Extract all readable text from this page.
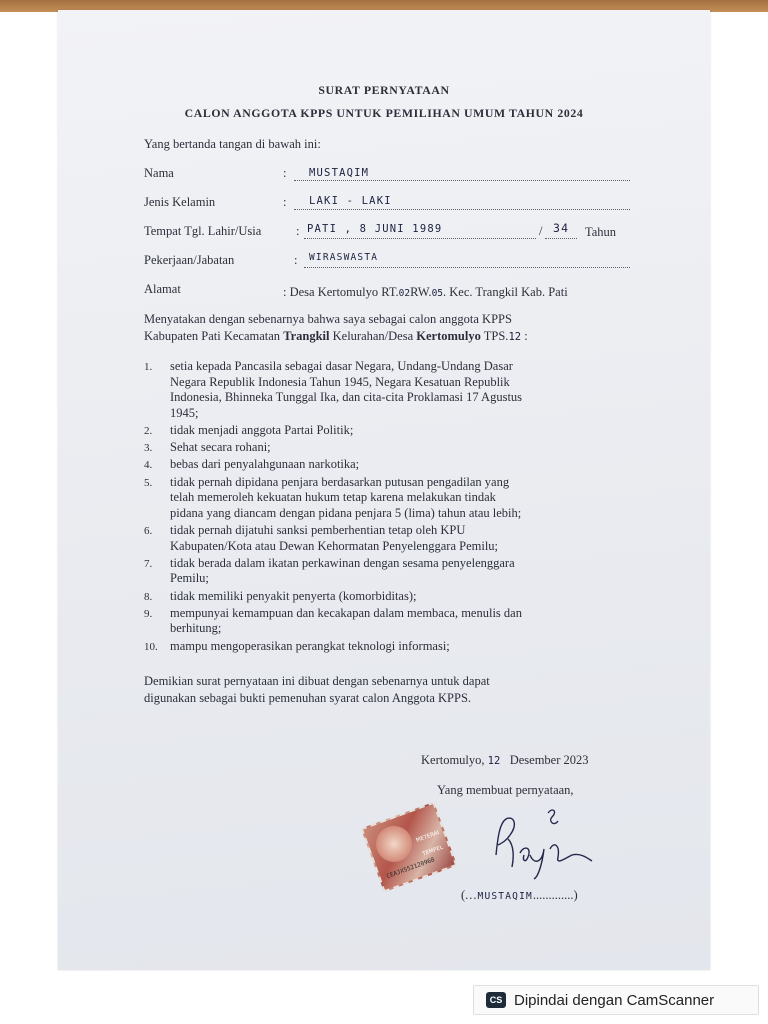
SURAT PERNYATAAN
CALON ANGGOTA KPPS UNTUK PEMILIHAN UMUM TAHUN 2024
Yang bertanda tangan di bawah ini:
Nama	: MUSTAQIM
Jenis Kelamin	: LAKI - LAKI
Tempat Tgl. Lahir/Usia	: PATI , 8 JUNI 1989	/ 34 Tahun
Pekerjaan/Jabatan	: WIRASWASTA
Alamat	: Desa Kertomulyo RT.02RW.05. Kec. Trangkil Kab. Pati
Menyatakan dengan sebenarnya bahwa saya sebagai calon anggota KPPS
Kabupaten Pati Kecamatan Trangkil Kelurahan/Desa Kertomulyo TPS.12 :
1. setia kepada Pancasila sebagai dasar Negara, Undang-Undang Dasar
Negara Republik Indonesia Tahun 1945, Negara Kesatuan Republik
Indonesia, Bhinneka Tunggal Ika, dan cita-cita Proklamasi 17 Agustus
1945;
2. tidak menjadi anggota Partai Politik;
3. Sehat secara rohani;
4. bebas dari penyalahgunaan narkotika;
5. tidak pernah dipidana penjara berdasarkan putusan pengadilan yang
telah memeroleh kekuatan hukum tetap karena melakukan tindak
pidana yang diancam dengan pidana penjara 5 (lima) tahun atau lebih;
6. tidak pernah dijatuhi sanksi pemberhentian tetap oleh KPU
Kabupaten/Kota atau Dewan Kehormatan Penyelenggara Pemilu;
7. tidak berada dalam ikatan perkawinan dengan sesama penyelenggara
Pemilu;
8. tidak memiliki penyakit penyerta (komorbiditas);
9. mempunyai kemampuan dan kecakapan dalam membaca, menulis dan
berhitung;
10. mampu mengoperasikan perangkat teknologi informasi;
Demikian surat pernyataan ini dibuat dengan sebenarnya untuk dapat
digunakan sebagai bukti pemenuhan syarat calon Anggota KPPS.
Kertomulyo, 12 Desember 2023
Yang membuat pernyataan,
CEAJX552120968
METERAI TEMPEL
(...MUSTAQIM.............)
CS Dipindai dengan CamScanner
